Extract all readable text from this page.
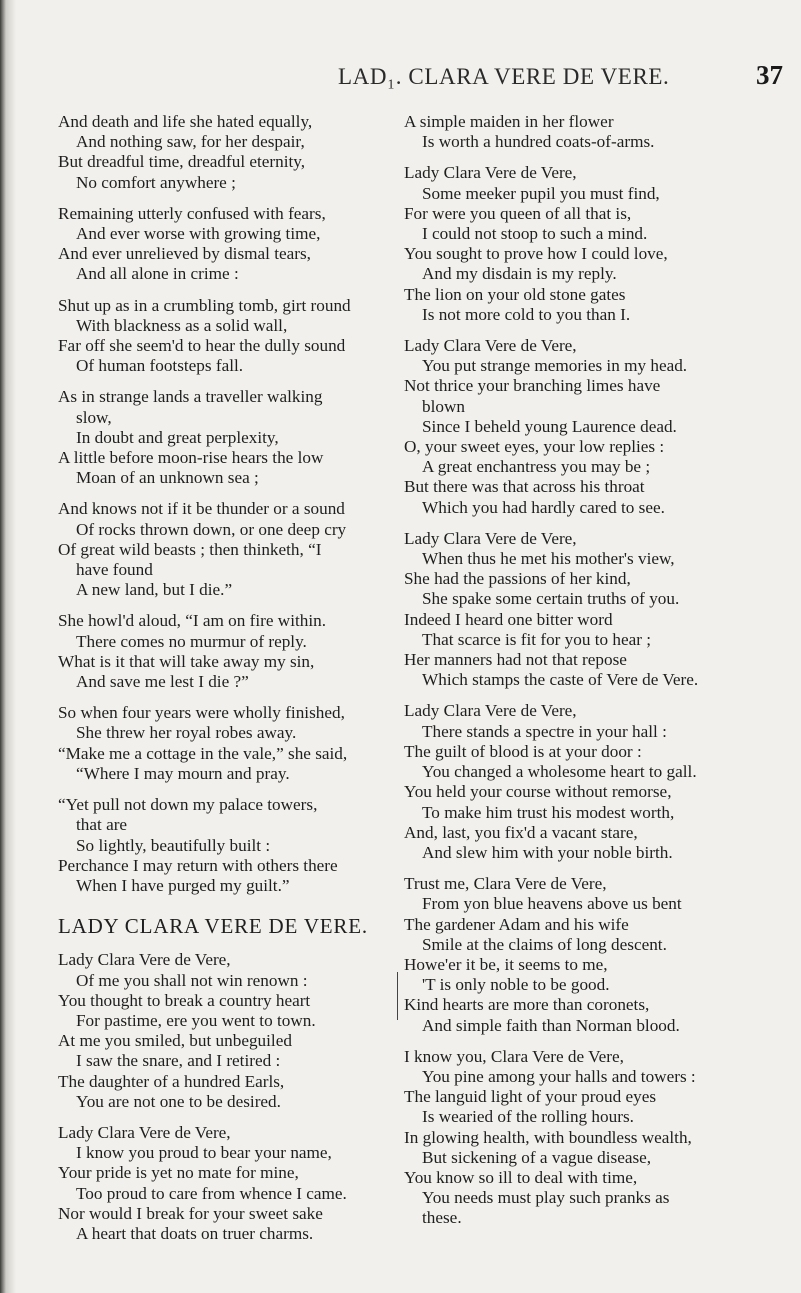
LAD₁. CLARA VERE DE VERE.	37
And death and life she hated equally,
And nothing saw, for her despair,
But dreadful time, dreadful eternity,
No comfort anywhere ;
Remaining utterly confused with fears,
And ever worse with growing time,
And ever unrelieved by dismal tears,
And all alone in crime :
Shut up as in a crumbling tomb, girt round
With blackness as a solid wall,
Far off she seem'd to hear the dully sound
Of human footsteps fall.
As in strange lands a traveller walking
slow,
In doubt and great perplexity,
A little before moon-rise hears the low
Moan of an unknown sea ;
And knows not if it be thunder or a sound
Of rocks thrown down, or one deep cry
Of great wild beasts ; then thinketh, “I
have found
A new land, but I die.”
She howl'd aloud, “I am on fire within.
There comes no murmur of reply.
What is it that will take away my sin,
And save me lest I die ?”
So when four years were wholly finished,
She threw her royal robes away.
“Make me a cottage in the vale,” she said,
“Where I may mourn and pray.
“Yet pull not down my palace towers,
that are
So lightly, beautifully built :
Perchance I may return with others there
When I have purged my guilt.”
LADY CLARA VERE DE VERE.
Lady Clara Vere de Vere,
Of me you shall not win renown :
You thought to break a country heart
For pastime, ere you went to town.
At me you smiled, but unbeguiled
I saw the snare, and I retired :
The daughter of a hundred Earls,
You are not one to be desired.
Lady Clara Vere de Vere,
I know you proud to bear your name,
Your pride is yet no mate for mine,
Too proud to care from whence I came.
Nor would I break for your sweet sake
A heart that doats on truer charms.
A simple maiden in her flower
Is worth a hundred coats-of-arms.
Lady Clara Vere de Vere,
Some meeker pupil you must find,
For were you queen of all that is,
I could not stoop to such a mind.
You sought to prove how I could love,
And my disdain is my reply.
The lion on your old stone gates
Is not more cold to you than I.
Lady Clara Vere de Vere,
You put strange memories in my head.
Not thrice your branching limes have
blown
Since I beheld young Laurence dead.
O, your sweet eyes, your low replies :
A great enchantress you may be ;
But there was that across his throat
Which you had hardly cared to see.
Lady Clara Vere de Vere,
When thus he met his mother's view,
She had the passions of her kind,
She spake some certain truths of you.
Indeed I heard one bitter word
That scarce is fit for you to hear ;
Her manners had not that repose
Which stamps the caste of Vere de Vere.
Lady Clara Vere de Vere,
There stands a spectre in your hall :
The guilt of blood is at your door :
You changed a wholesome heart to gall.
You held your course without remorse,
To make him trust his modest worth,
And, last, you fix'd a vacant stare,
And slew him with your noble birth.
Trust me, Clara Vere de Vere,
From yon blue heavens above us bent
The gardener Adam and his wife
Smile at the claims of long descent.
Howe'er it be, it seems to me,
'T is only noble to be good.
Kind hearts are more than coronets,
And simple faith than Norman blood.
I know you, Clara Vere de Vere,
You pine among your halls and towers :
The languid light of your proud eyes
Is wearied of the rolling hours.
In glowing health, with boundless wealth,
But sickening of a vague disease,
You know so ill to deal with time,
You needs must play such pranks as
these.
